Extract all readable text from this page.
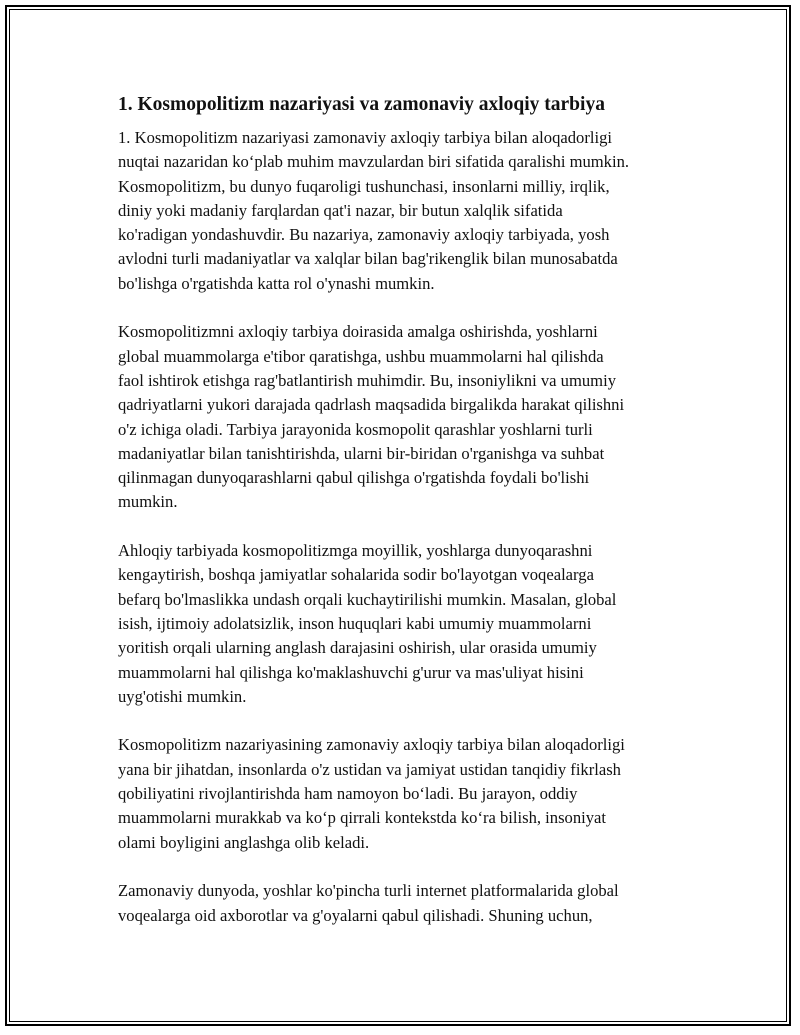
1. Kosmopolitizm nazariyasi va zamonaviy axloqiy tarbiya

1. Kosmopolitizm nazariyasi zamonaviy axloqiy tarbiya bilan aloqadorligi
nuqtai nazaridan ko‘plab muhim mavzulardan biri sifatida qaralishi mumkin.
Kosmopolitizm, bu dunyo fuqaroligi tushunchasi, insonlarni milliy, irqlik,
diniy yoki madaniy farqlardan qat'i nazar, bir butun xalqlik sifatida
ko'radigan yondashuvdir. Bu nazariya, zamonaviy axloqiy tarbiyada, yosh
avlodni turli madaniyatlar va xalqlar bilan bag'rikenglik bilan munosabatda
bo'lishga o'rgatishda katta rol o'ynashi mumkin.

Kosmopolitizmni axloqiy tarbiya doirasida amalga oshirishda, yoshlarni
global muammolarga e'tibor qaratishga, ushbu muammolarni hal qilishda
faol ishtirok etishga rag'batlantirish muhimdir. Bu, insoniylikni va umumiy
qadriyatlarni yukori darajada qadrlash maqsadida birgalikda harakat qilishni
o'z ichiga oladi. Tarbiya jarayonida kosmopolit qarashlar yoshlarni turli
madaniyatlar bilan tanishtirishda, ularni bir-biridan o'rganishga va suhbat
qilinmagan dunyoqarashlarni qabul qilishga o'rgatishda foydali bo'lishi
mumkin.

Ahloqiy tarbiyada kosmopolitizmga moyillik, yoshlarga dunyoqarashni
kengaytirish, boshqa jamiyatlar sohalarida sodir bo'layotgan voqealarga
befarq bo'lmaslikka undash orqali kuchaytirilishi mumkin. Masalan, global
isish, ijtimoiy adolatsizlik, inson huquqlari kabi umumiy muammolarni
yoritish orqali ularning anglash darajasini oshirish, ular orasida umumiy
muammolarni hal qilishga ko'maklashuvchi g'urur va mas'uliyat hisini
uyg'otishi mumkin.

Kosmopolitizm nazariyasining zamonaviy axloqiy tarbiya bilan aloqadorligi
yana bir jihatdan, insonlarda o'z ustidan va jamiyat ustidan tanqidiy fikrlash
qobiliyatini rivojlantirishda ham namoyon bo‘ladi. Bu jarayon, oddiy
muammolarni murakkab va ko‘p qirrali kontekstda ko‘ra bilish, insoniyat
olami boyligini anglashga olib keladi.

Zamonaviy dunyoda, yoshlar ko'pincha turli internet platformalarida global
voqealarga oid axborotlar va g'oyalarni qabul qilishadi. Shuning uchun,
